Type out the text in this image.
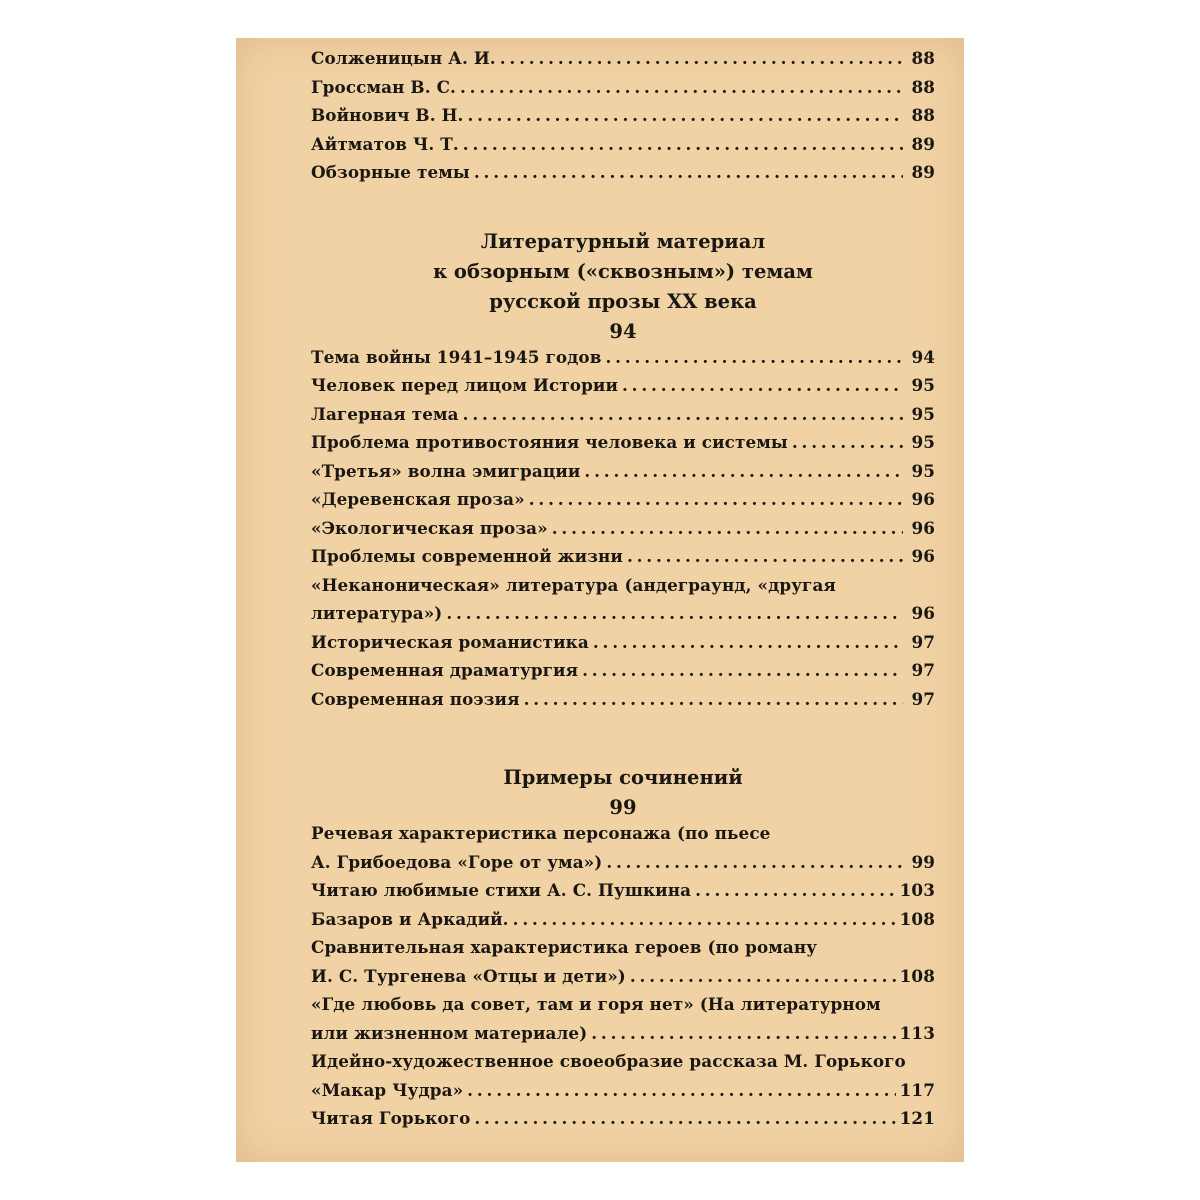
Солженицын А. И. . . .	88
Гроссман В. С. . . .	88
Войнович В. Н. . . .	88
Айтматов Ч. Т. . . .	89
Обзорные темы . . .	89
Литературный материал
к обзорным («сквозным») темам
русской прозы XX века
94
Тема войны 1941–1945 годов . . .	94
Человек перед лицом Истории . . .	95
Лагерная тема . . .	95
Проблема противостояния человека и системы . . .	95
«Третья» волна эмиграции . . .	95
«Деревенская проза» . . .	96
«Экологическая проза» . . .	96
Проблемы современной жизни . . .	96
«Неканоническая» литература (андеграунд, «другая
литература») . . .	96
Историческая романистика . . .	97
Современная драматургия . . .	97
Современная поэзия . . .	97
Примеры сочинений
99
Речевая характеристика персонажа (по пьесе
А. Грибоедова «Горе от ума») . . .	99
Читаю любимые стихи А. С. Пушкина . . .	103
Базаров и Аркадий. . . .	108
Сравнительная характеристика героев (по роману
И. С. Тургенева «Отцы и дети») . . .	108
«Где любовь да совет, там и горя нет» (На литературном
или жизненном материале) . . .	113
Идейно-художественное своеобразие рассказа М. Горького
«Макар Чудра» . . .	117
Читая Горького . . .	121
